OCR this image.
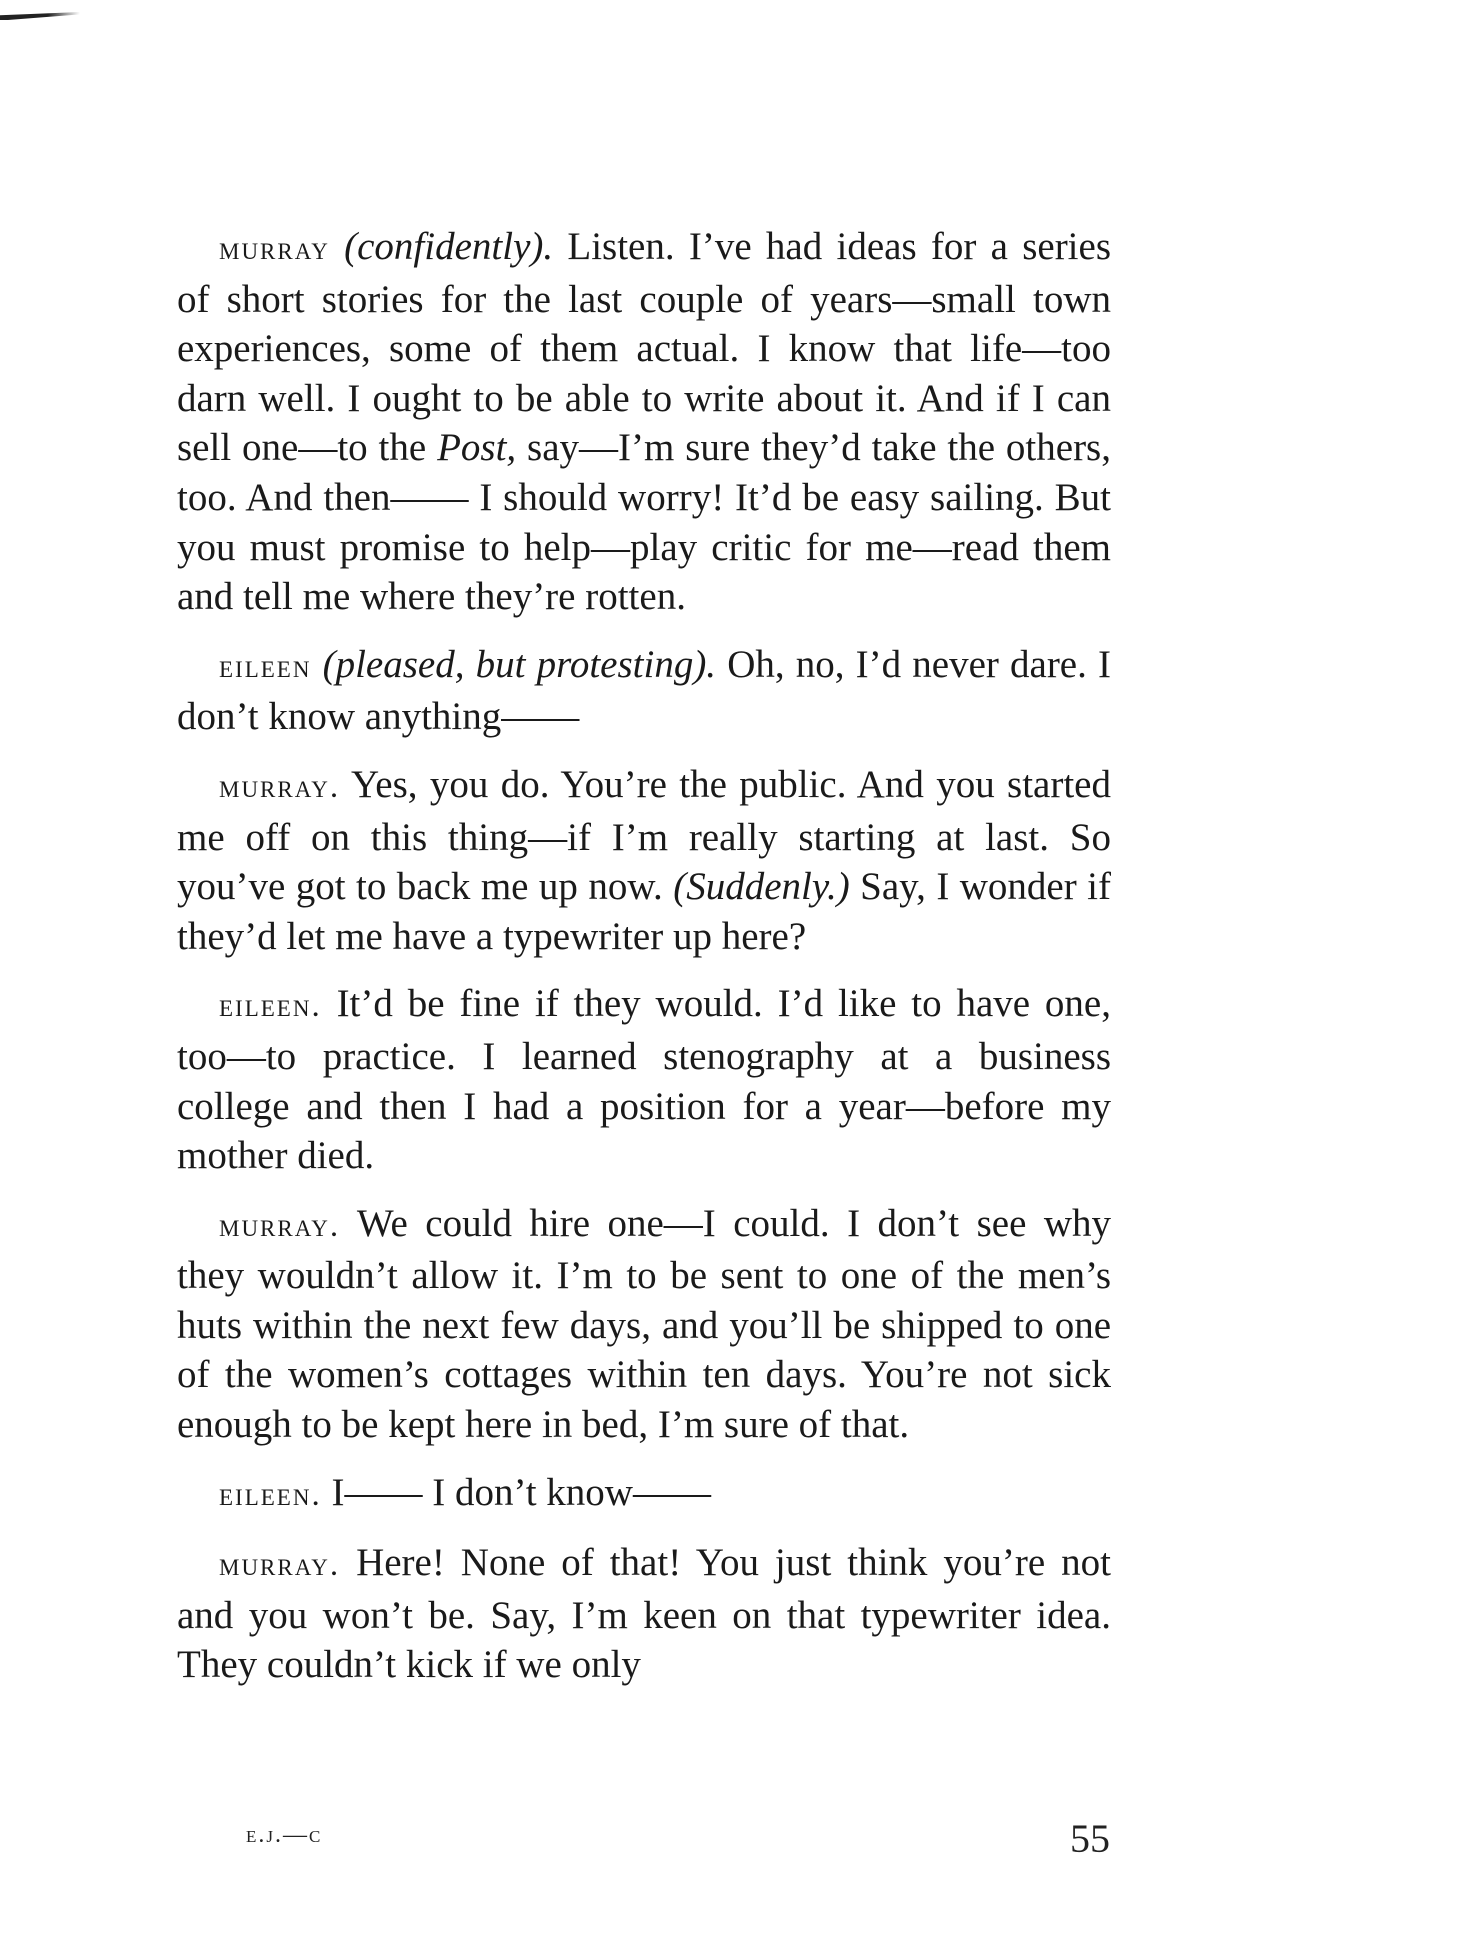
murray (confidently). Listen. I’ve had ideas for a series of short stories for the last couple of years—small town experiences, some of them actual. I know that life—too darn well. I ought to be able to write about it. And if I can sell one—to the Post, say—I’m sure they’d take the others, too. And then—— I should worry! It’d be easy sailing. But you must promise to help—play critic for me—read them and tell me where they’re rotten.

eileen (pleased, but protesting). Oh, no, I’d never dare. I don’t know anything——

murray. Yes, you do. You’re the public. And you started me off on this thing—if I’m really starting at last. So you’ve got to back me up now. (Suddenly.) Say, I wonder if they’d let me have a typewriter up here?

eileen. It’d be fine if they would. I’d like to have one, too—to practice. I learned stenography at a business college and then I had a position for a year—before my mother died.

murray. We could hire one—I could. I don’t see why they wouldn’t allow it. I’m to be sent to one of the men’s huts within the next few days, and you’ll be shipped to one of the women’s cottages within ten days. You’re not sick enough to be kept here in bed, I’m sure of that.

eileen. I—— I don’t know——

murray. Here! None of that! You just think you’re not and you won’t be. Say, I’m keen on that typewriter idea. They couldn’t kick if we only

e.j.—c	55
